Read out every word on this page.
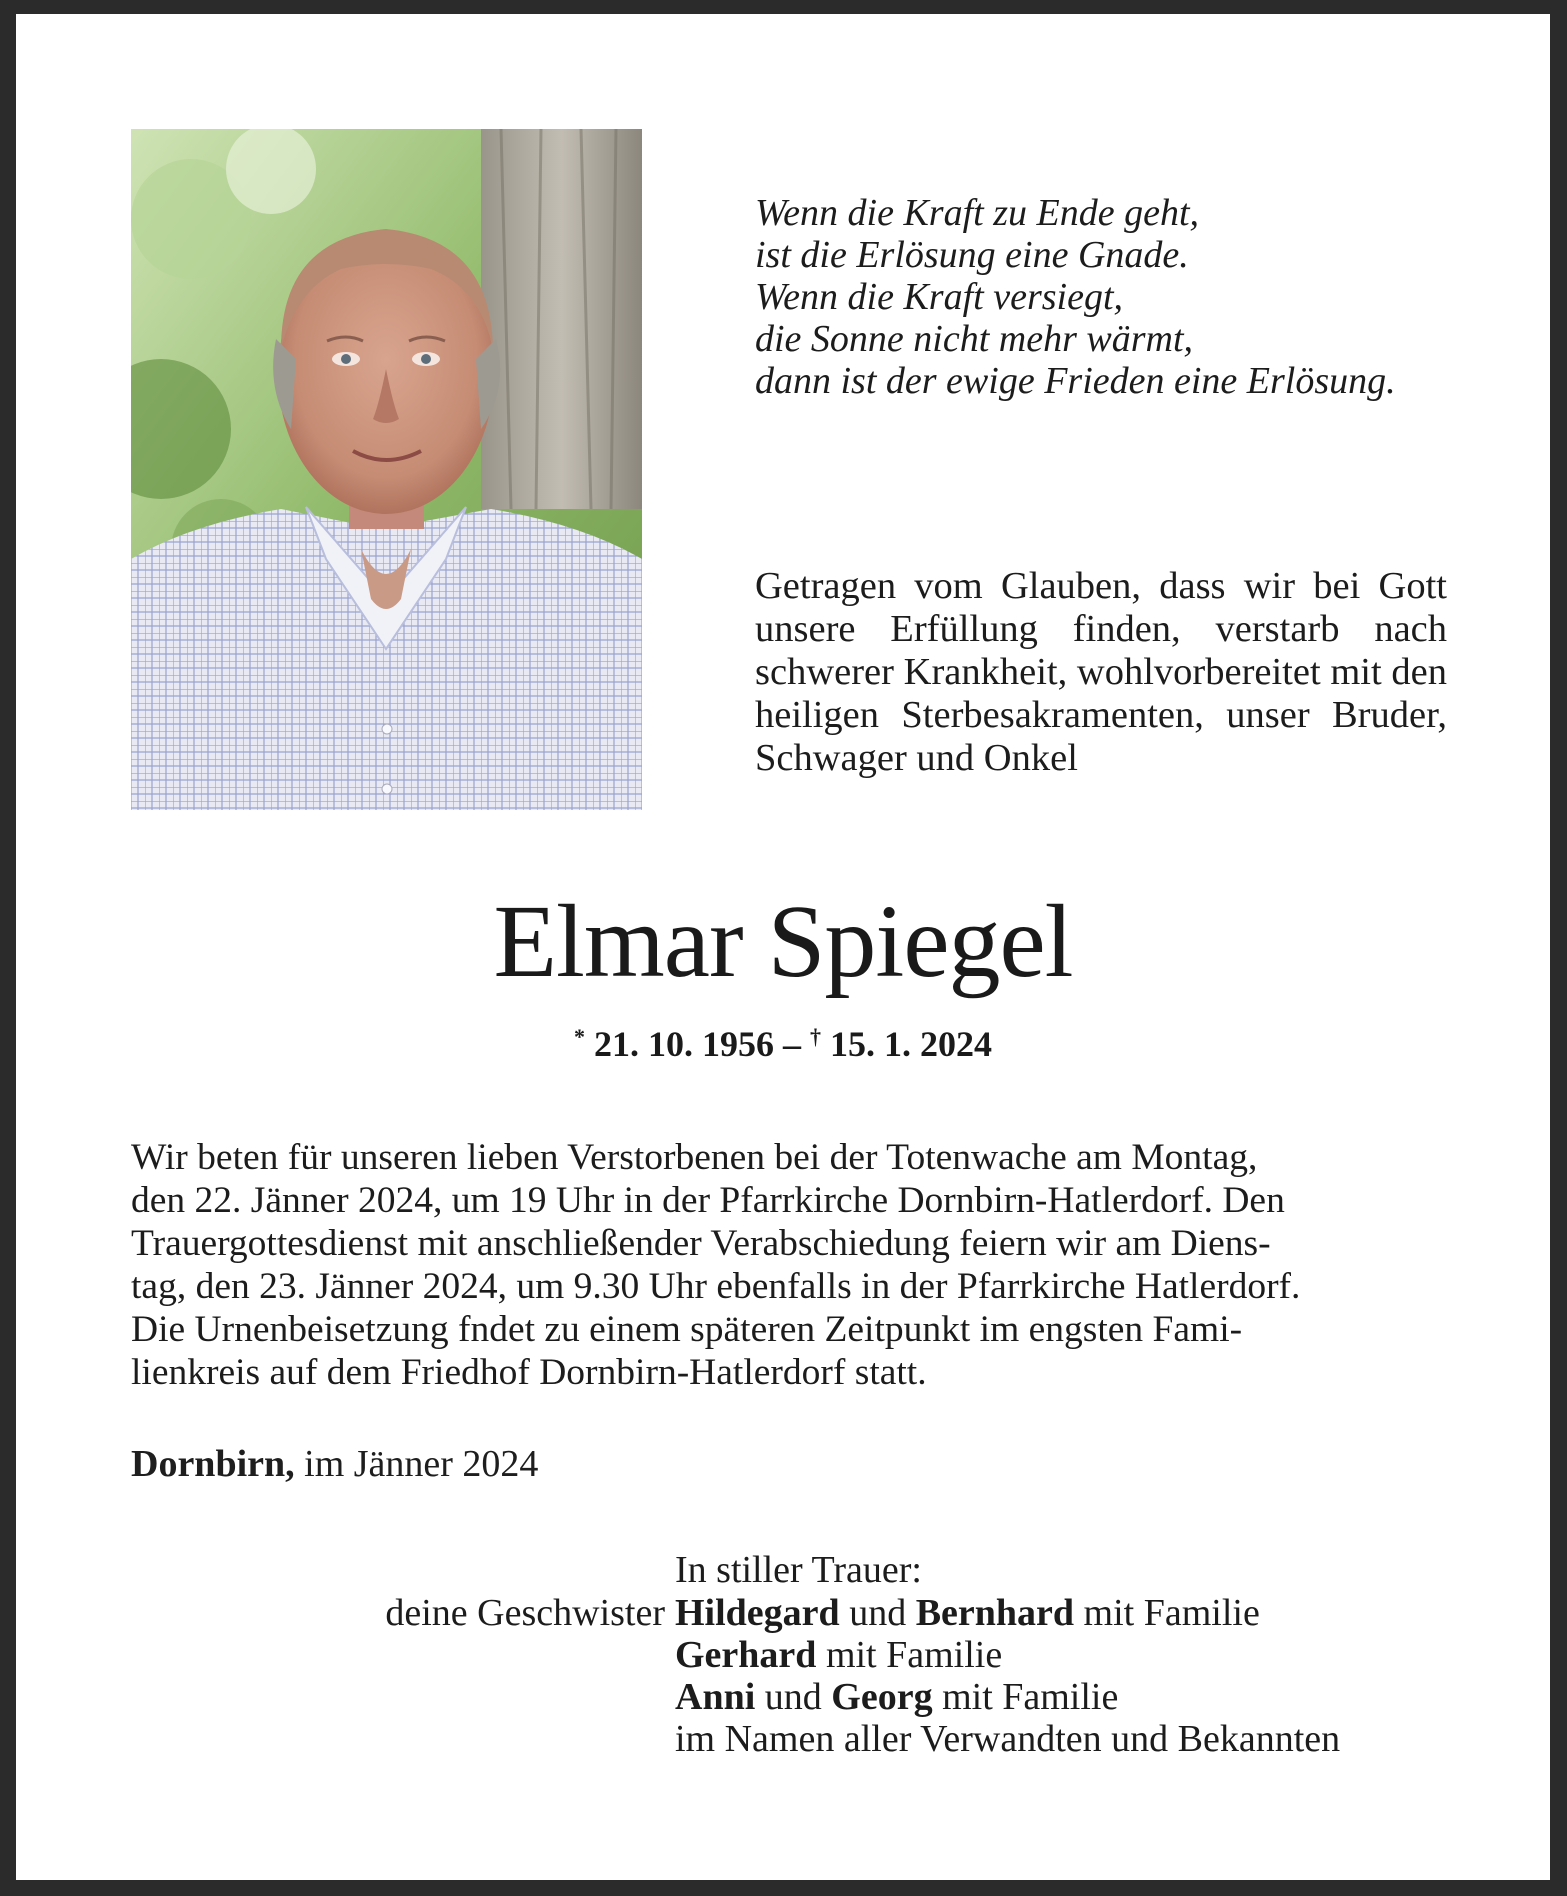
Wenn die Kraft zu Ende geht,
ist die Erlösung eine Gnade.
Wenn die Kraft versiegt,
die Sonne nicht mehr wärmt,
dann ist der ewige Frieden eine Erlösung.
Getragen vom Glauben, dass wir bei Gott unsere Erfüllung finden, verstarb nach schwerer Krankheit, wohlvorbereitet mit den heiligen Sterbesakramenten, unser Bruder, Schwager und Onkel
Elmar Spiegel
* 21. 10. 1956 – † 15. 1. 2024
Wir beten für unseren lieben Verstorbenen bei der Totenwache am Montag,
den 22. Jänner 2024, um 19 Uhr in der Pfarrkirche Dornbirn-Hatlerdorf. Den
Trauergottesdienst mit anschließender Verabschiedung feiern wir am Diens-
tag, den 23. Jänner 2024, um 9.30 Uhr ebenfalls in der Pfarrkirche Hatlerdorf.
Die Urnenbeisetzung fndet zu einem späteren Zeitpunkt im engsten Fami-
lienkreis auf dem Friedhof Dornbirn-Hatlerdorf statt.
Dornbirn, im Jänner 2024
In stiller Trauer:
deine Geschwister Hildegard und Bernhard mit Familie
Gerhard mit Familie
Anni und Georg mit Familie
im Namen aller Verwandten und Bekannten
